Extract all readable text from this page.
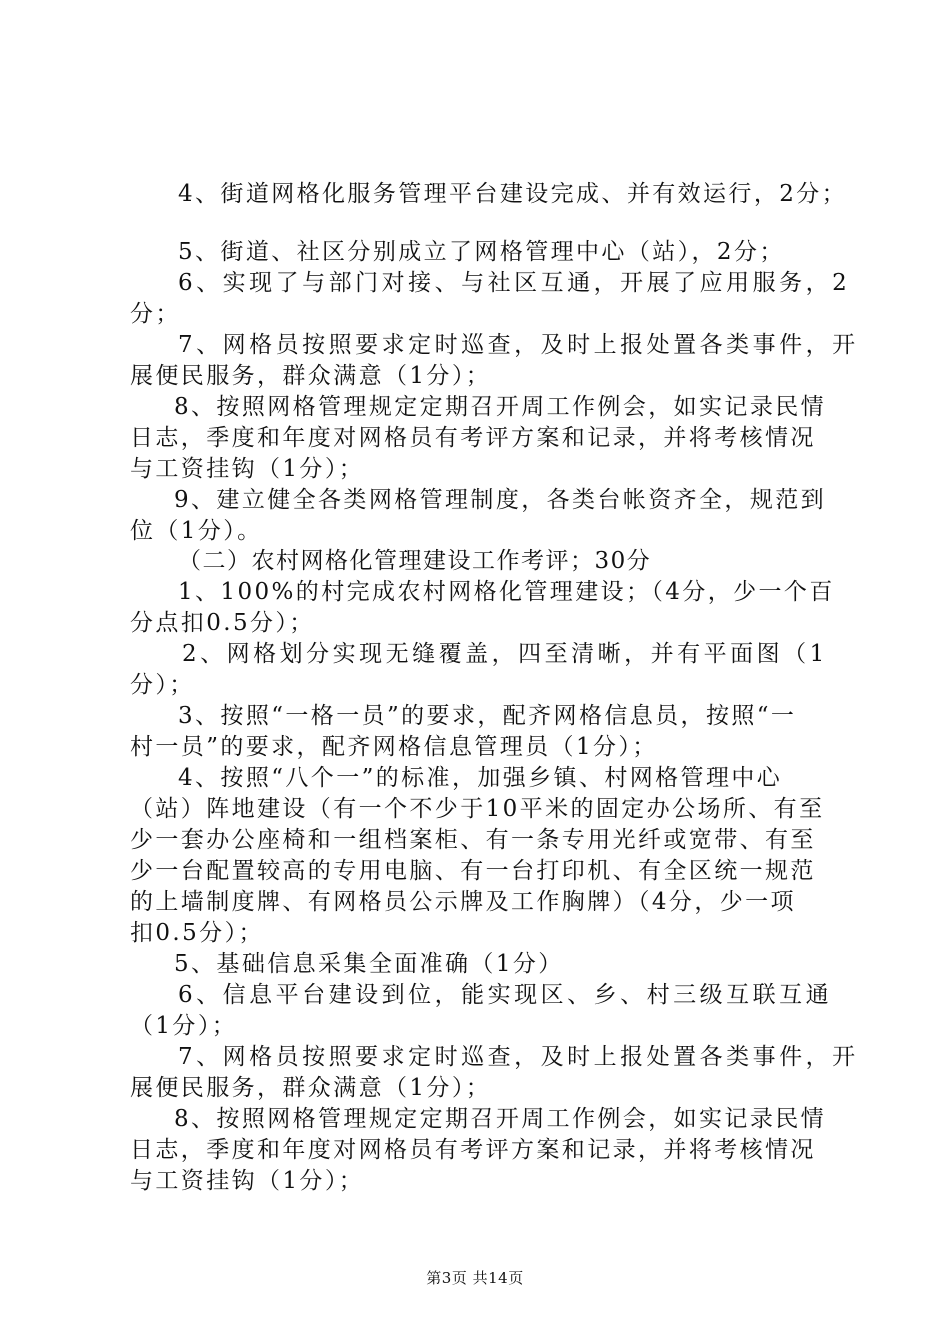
4、街道网格化服务管理平台建设完成、并有效运行，2分；
5、街道、社区分别成立了网格管理中心（站），2分；
6、实现了与部门对接、与社区互通，开展了应用服务，2
分；
7、网格员按照要求定时巡查，及时上报处置各类事件，开
展便民服务，群众满意（1分）；
8、按照网格管理规定定期召开周工作例会，如实记录民情
日志，季度和年度对网格员有考评方案和记录，并将考核情况
与工资挂钩（1分）；
9、建立健全各类网格管理制度，各类台帐资齐全，规范到
位（1分）。
（二）农村网格化管理建设工作考评；30分
1、100%的村完成农村网格化管理建设；（4分，少一个百
分点扣0.5分）；
2、网格划分实现无缝覆盖，四至清晰，并有平面图（1
分）；
3、按照“一格一员”的要求，配齐网格信息员，按照“一
村一员”的要求，配齐网格信息管理员（1分）；
4、按照“八个一”的标准，加强乡镇、村网格管理中心
（站）阵地建设（有一个不少于10平米的固定办公场所、有至
少一套办公座椅和一组档案柜、有一条专用光纤或宽带、有至
少一台配置较高的专用电脑、有一台打印机、有全区统一规范
的上墙制度牌、有网格员公示牌及工作胸牌）（4分，少一项
扣0.5分）；
5、基础信息采集全面准确（1分）
6、信息平台建设到位，能实现区、乡、村三级互联互通
（1分）；
7、网格员按照要求定时巡查，及时上报处置各类事件，开
展便民服务，群众满意（1分）；
8、按照网格管理规定定期召开周工作例会，如实记录民情
日志，季度和年度对网格员有考评方案和记录，并将考核情况
与工资挂钩（1分）；
第3页 共14页
